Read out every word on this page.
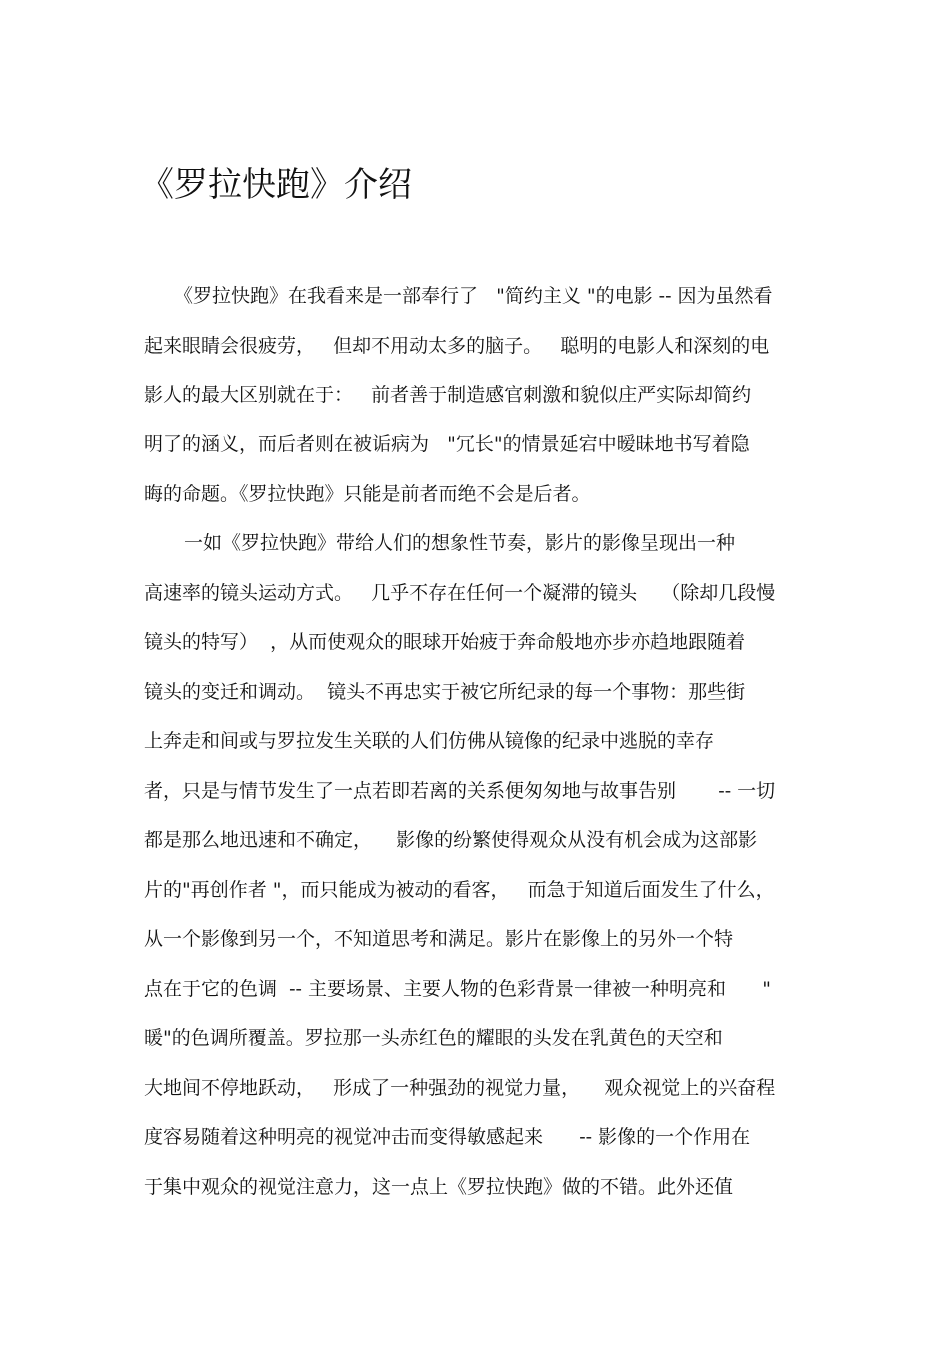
《罗拉快跑》介绍
《罗拉快跑》在我看来是一部奉行了   "简约主义 "的电影 -- 因为虽然看
起来眼睛会很疲劳，   但却不用动太多的脑子。   聪明的电影人和深刻的电
影人的最大区别就在于：   前者善于制造感官刺激和貌似庄严实际却简约
明了的涵义，而后者则在被诟病为   "冗长"的情景延宕中暧昧地书写着隐
晦的命题。《罗拉快跑》只能是前者而绝不会是后者。
一如《罗拉快跑》带给人们的想象性节奏，影片的影像呈现出一种
高速率的镜头运动方式。   几乎不存在任何一个凝滞的镜头    （除却几段慢
镜头的特写）  ，从而使观众的眼球开始疲于奔命般地亦步亦趋地跟随着
镜头的变迁和调动。  镜头不再忠实于被它所纪录的每一个事物：那些街
上奔走和间或与罗拉发生关联的人们仿佛从镜像的纪录中逃脱的幸存
者，只是与情节发生了一点若即若离的关系便匆匆地与故事告别       -- 一切
都是那么地迅速和不确定，    影像的纷繁使得观众从没有机会成为这部影
片的"再创作者 "，而只能成为被动的看客，   而急于知道后面发生了什么，
从一个影像到另一个，不知道思考和满足。影片在影像上的另外一个特
点在于它的色调  -- 主要场景、主要人物的色彩背景一律被一种明亮和      "
暖"的色调所覆盖。罗拉那一头赤红色的耀眼的头发在乳黄色的天空和
大地间不停地跃动，   形成了一种强劲的视觉力量，    观众视觉上的兴奋程
度容易随着这种明亮的视觉冲击而变得敏感起来      -- 影像的一个作用在
于集中观众的视觉注意力，这一点上《罗拉快跑》做的不错。此外还值
